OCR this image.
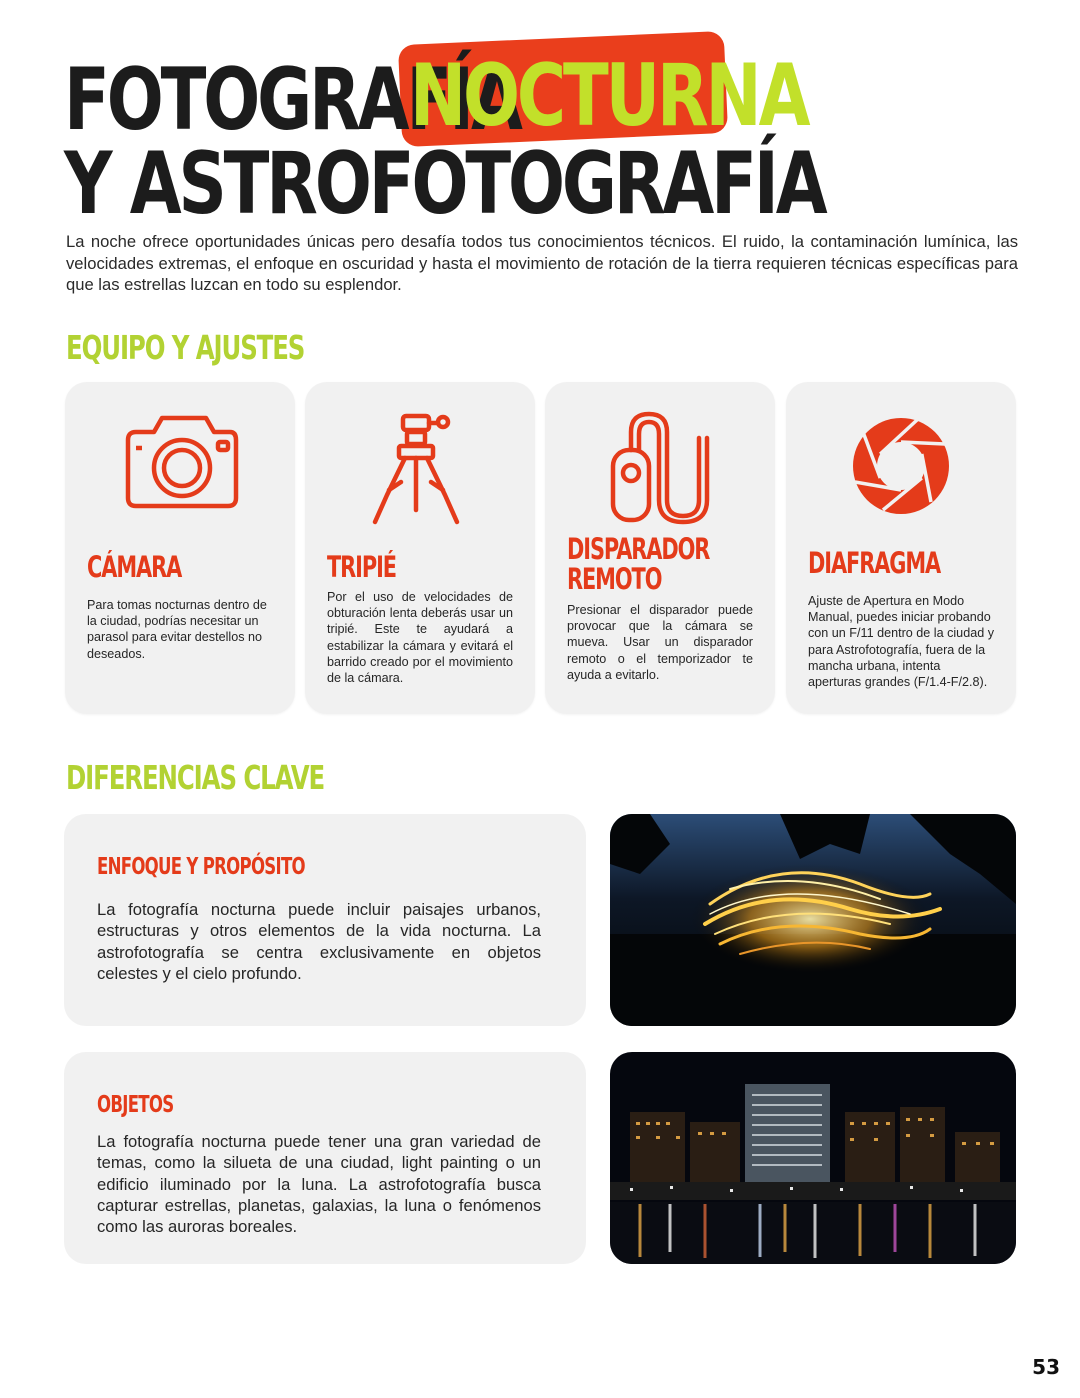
FOTOGRAFÍA
NOCTURNA
Y ASTROFOTOGRAFÍA

La noche ofrece oportunidades únicas pero desafía todos tus conocimientos técnicos. El ruido, la contaminación lumínica, las velocidades extremas, el enfoque en oscuridad y hasta el movimiento de rotación de la tierra requieren técnicas específicas para que las estrellas luzcan en todo su esplendor.

EQUIPO Y AJUSTES
CÁMARA

Para tomas nocturnas dentro de la ciudad, podrías necesitar un parasol para evitar destellos no deseados.

TRIPIÉ

Por el uso de velocidades de obturación lenta deberás usar un tripié. Este te ayudará a estabilizar la cámara y evitará el barrido creado por el movimiento de la cámara.

DISPARADOR
REMOTO

Presionar el disparador puede provocar que la cámara se mueva. Usar un disparador remoto o el temporizador te ayuda a evitarlo.

DIAFRAGMA

Ajuste de Apertura en Modo Manual, puedes iniciar probando con un F/11 dentro de la ciudad y para Astrofotografía, fuera de la mancha urbana, intenta aperturas grandes (F/1.4-F/2.8).

DIFERENCIAS CLAVE
ENFOQUE Y PROPÓSITO

La fotografía nocturna puede incluir paisajes urbanos, estructuras y otros elementos de la vida nocturna. La astrofotografía se centra exclusivamente en objetos celestes y el cielo profundo.

OBJETOS

La fotografía nocturna puede tener una gran variedad de temas, como la silueta de una ciudad, light painting o un edificio iluminado por la luna. La astrofotografía busca capturar estrellas, planetas, galaxias, la luna o fenómenos como las auroras boreales.

53
